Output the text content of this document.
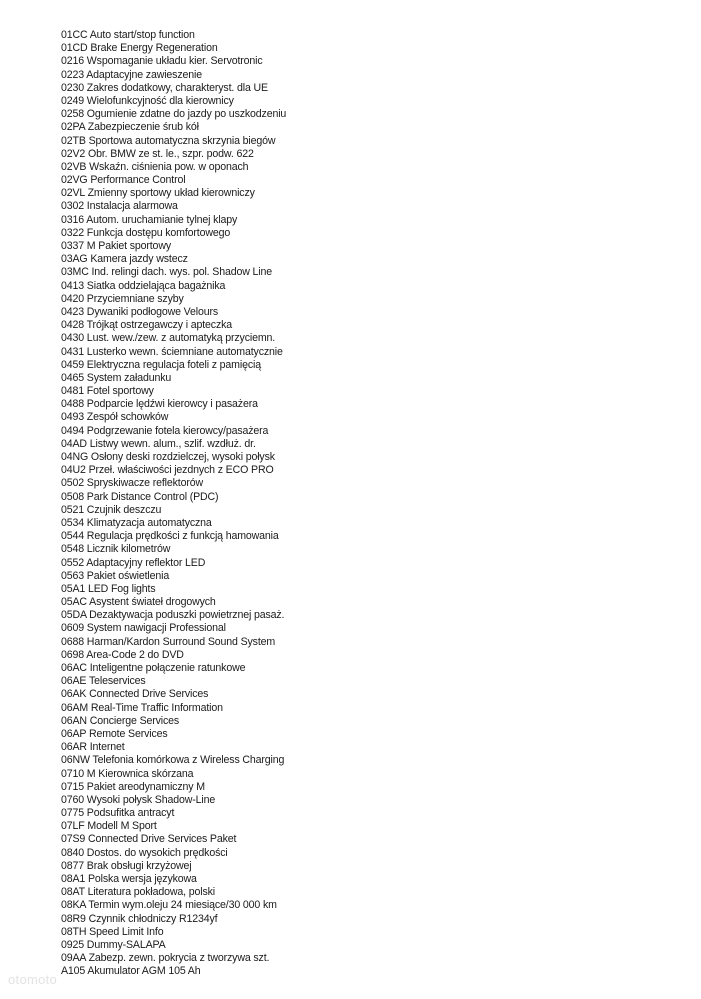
01CC Auto start/stop function
01CD Brake Energy Regeneration
0216 Wspomaganie układu kier. Servotronic
0223 Adaptacyjne zawieszenie
0230 Zakres dodatkowy, charakteryst. dla UE
0249 Wielofunkcyjność dla kierownicy
0258 Ogumienie zdatne do jazdy po uszkodzeniu
02PA Zabezpieczenie śrub kół
02TB Sportowa automatyczna skrzynia biegów
02V2 Obr. BMW ze st. le., szpr. podw. 622
02VB Wskaźn. ciśnienia pow. w oponach
02VG Performance Control
02VL Zmienny sportowy układ kierowniczy
0302 Instalacja alarmowa
0316 Autom. uruchamianie tylnej klapy
0322 Funkcja dostępu komfortowego
0337 M Pakiet sportowy
03AG Kamera jazdy wstecz
03MC Ind. relingi dach. wys. pol. Shadow Line
0413 Siatka oddzielająca bagażnika
0420 Przyciemniane szyby
0423 Dywaniki podłogowe Velours
0428 Trójkąt ostrzegawczy i apteczka
0430 Lust. wew./zew. z automatyką przyciemn.
0431 Lusterko wewn. ściemniane automatycznie
0459 Elektryczna regulacja foteli z pamięcią
0465 System załadunku
0481 Fotel sportowy
0488 Podparcie lędźwi kierowcy i pasażera
0493 Zespół schowków
0494 Podgrzewanie fotela kierowcy/pasażera
04AD Listwy wewn. alum., szlif. wzdłuż. dr.
04NG Osłony deski rozdzielczej, wysoki połysk
04U2 Przeł. właściwości jezdnych z ECO PRO
0502 Spryskiwacze reflektorów
0508 Park Distance Control (PDC)
0521 Czujnik deszczu
0534 Klimatyzacja automatyczna
0544 Regulacja prędkości z funkcją hamowania
0548 Licznik kilometrów
0552 Adaptacyjny reflektor LED
0563 Pakiet oświetlenia
05A1 LED Fog lights
05AC Asystent świateł drogowych
05DA Dezaktywacja poduszki powietrznej pasaż.
0609 System nawigacji Professional
0688 Harman/Kardon Surround Sound System
0698 Area-Code 2 do DVD
06AC Inteligentne połączenie ratunkowe
06AE Teleservices
06AK Connected Drive Services
06AM Real-Time Traffic Information
06AN Concierge Services
06AP Remote Services
06AR Internet
06NW Telefonia komórkowa z Wireless Charging
0710 M Kierownica skórzana
0715 Pakiet areodynamiczny M
0760 Wysoki połysk Shadow-Line
0775 Podsufitka antracyt
07LF Modell M Sport
07S9 Connected Drive Services Paket
0840 Dostos. do wysokich prędkości
0877 Brak obsługi krzyżowej
08A1 Polska wersja językowa
08AT Literatura pokładowa, polski
08KA Termin wym.oleju 24 miesiące/30 000 km
08R9 Czynnik chłodniczy R1234yf
08TH Speed Limit Info
0925 Dummy-SALAPA
09AA Zabezp. zewn. pokrycia z tworzywa szt.
A105 Akumulator AGM 105 Ah
otomoto
